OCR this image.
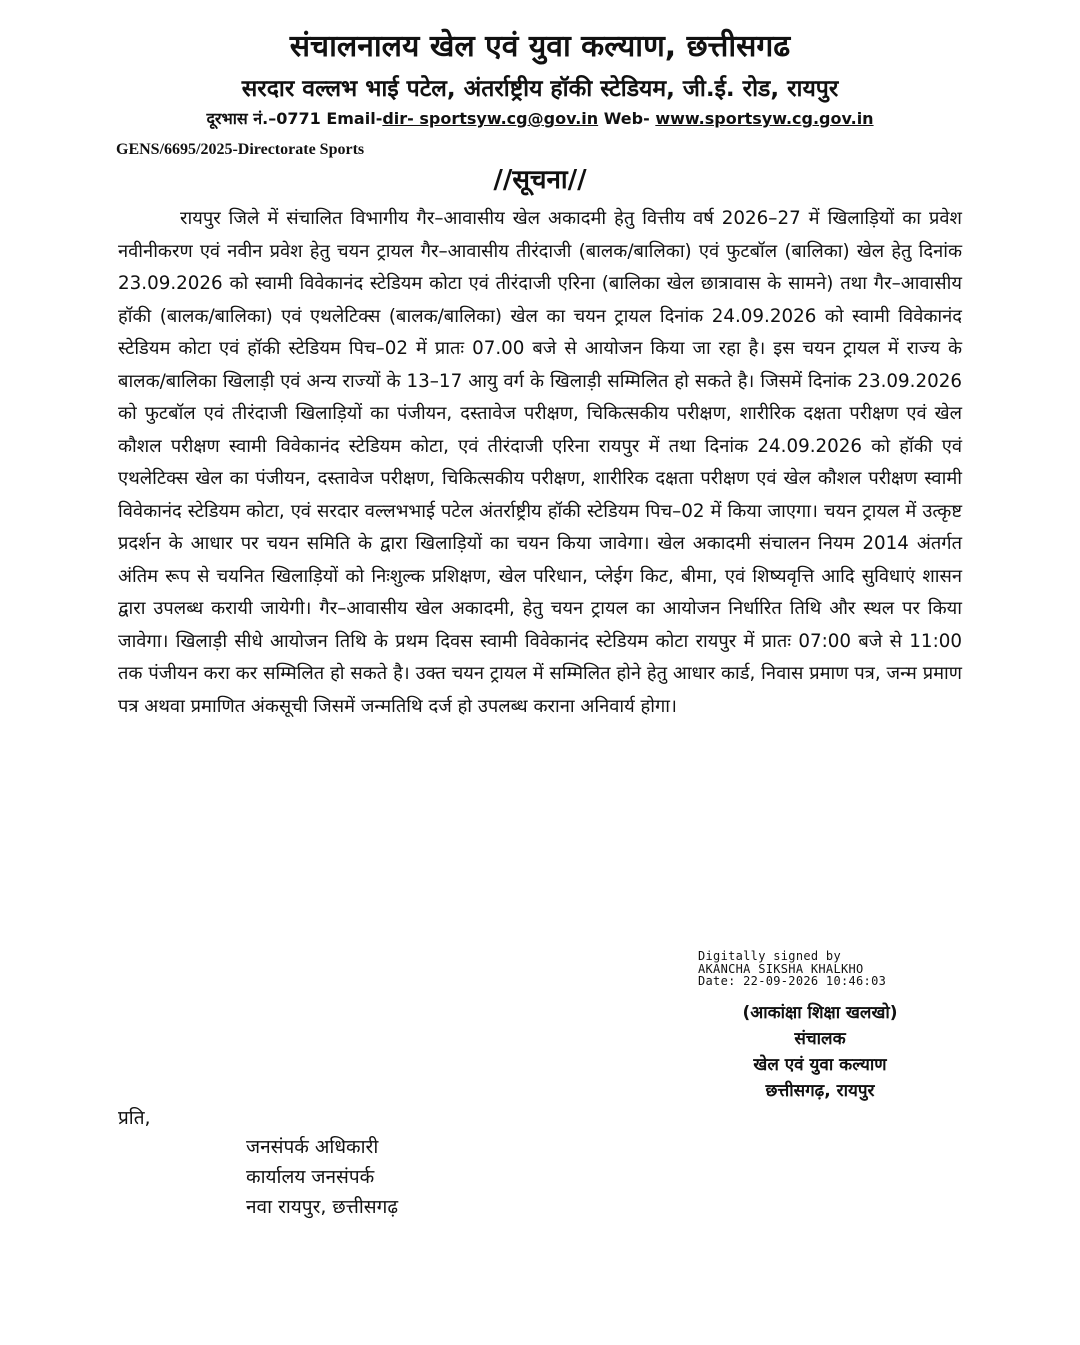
संचालनालय खेल एवं युवा कल्याण, छत्तीसगढ
सरदार वल्लभ भाई पटेल, अंतर्राष्ट्रीय हॉकी स्टेडियम, जी.ई. रोड, रायपुर
दूरभास नं.–0771 Email-dir- sportsyw.cg@gov.in Web- www.sportsyw.cg.gov.in
GENS/6695/2025-Directorate Sports
//सूचना//

रायपुर जिले में संचालित विभागीय गैर–आवासीय खेल अकादमी हेतु वित्तीय वर्ष 2026–27 में खिलाड़ियों का प्रवेश नवीनीकरण एवं नवीन प्रवेश हेतु चयन ट्रायल गैर–आवासीय तीरंदाजी (बालक/बालिका) एवं फुटबॉल (बालिका) खेल हेतु दिनांक 23.09.2026 को स्वामी विवेकानंद स्टेडियम कोटा एवं तीरंदाजी एरिना (बालिका खेल छात्रावास के सामने) तथा गैर–आवासीय हॉकी (बालक/बालिका) एवं एथलेटिक्स (बालक/बालिका) खेल का चयन ट्रायल दिनांक 24.09.2026 को स्वामी विवेकानंद स्टेडियम कोटा एवं हॉकी स्टेडियम पिच–02 में प्रातः 07.00 बजे से आयोजन किया जा रहा है। इस चयन ट्रायल में राज्य के बालक/बालिका खिलाड़ी एवं अन्य राज्यों के 13–17 आयु वर्ग के खिलाड़ी सम्मिलित हो सकते है। जिसमें दिनांक 23.09.2026 को फुटबॉल एवं तीरंदाजी खिलाड़ियों का पंजीयन, दस्तावेज परीक्षण, चिकित्सकीय परीक्षण, शारीरिक दक्षता परीक्षण एवं खेल कौशल परीक्षण स्वामी विवेकानंद स्टेडियम कोटा, एवं तीरंदाजी एरिना रायपुर में तथा दिनांक 24.09.2026 को हॉकी एवं एथलेटिक्स खेल का पंजीयन, दस्तावेज परीक्षण, चिकित्सकीय परीक्षण, शारीरिक दक्षता परीक्षण एवं खेल कौशल परीक्षण स्वामी विवेकानंद स्टेडियम कोटा, एवं सरदार वल्लभभाई पटेल अंतर्राष्ट्रीय हॉकी स्टेडियम पिच–02 में किया जाएगा। चयन ट्रायल में उत्कृष्ट प्रदर्शन के आधार पर चयन समिति के द्वारा खिलाड़ियों का चयन किया जावेगा। खेल अकादमी संचालन नियम 2014 अंतर्गत अंतिम रूप से चयनित खिलाड़ियों को निःशुल्क प्रशिक्षण, खेल परिधान, प्लेईग किट, बीमा, एवं शिष्यवृत्ति आदि सुविधाएं शासन द्वारा उपलब्ध करायी जायेगी। गैर–आवासीय खेल अकादमी, हेतु चयन ट्रायल का आयोजन निर्धारित तिथि और स्थल पर किया जावेगा। खिलाड़ी सीधे आयोजन तिथि के प्रथम दिवस स्वामी विवेकानंद स्टेडियम कोटा रायपुर में प्रातः 07:00 बजे से 11:00 तक पंजीयन करा कर सम्मिलित हो सकते है। उक्त चयन ट्रायल में सम्मिलित होने हेतु आधार कार्ड, निवास प्रमाण पत्र, जन्म प्रमाण पत्र अथवा प्रमाणित अंकसूची जिसमें जन्मतिथि दर्ज हो उपलब्ध कराना अनिवार्य होगा।

Digitally signed by
AKANCHA SIKSHA KHALKHO
Date: 22-09-2026 10:46:03
(आकांक्षा शिक्षा खलखो)
संचालक
खेल एवं युवा कल्याण
छत्तीसगढ़, रायपुर
प्रति,
जनसंपर्क अधिकारी
कार्यालय जनसंपर्क
नवा रायपुर, छत्तीसगढ़
